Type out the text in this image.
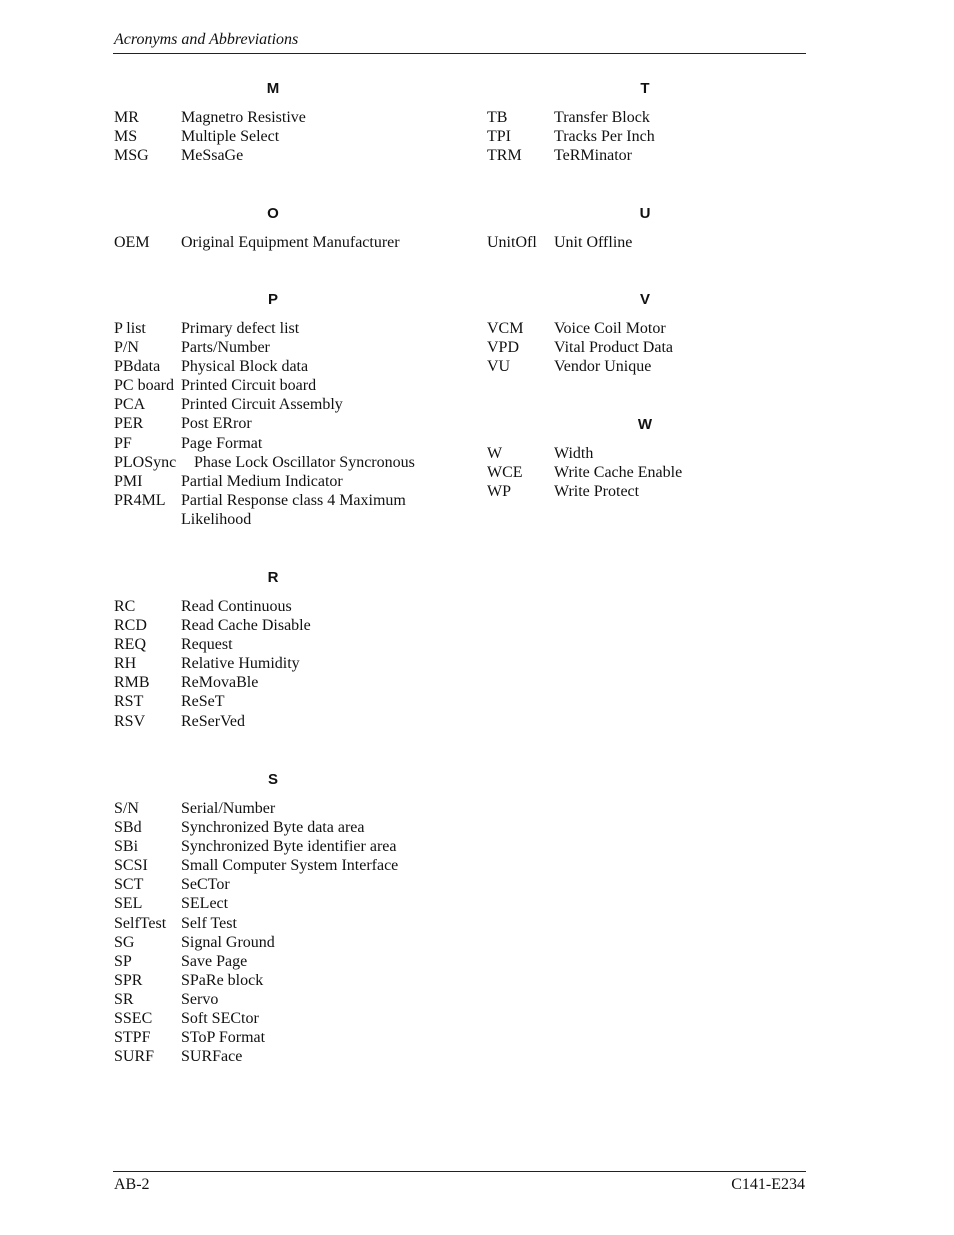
Acronyms and Abbreviations
M
MR	Magnetro Resistive
MS	Multiple Select
MSG MeSsaGe
O
OEM Original Equipment Manufacturer
P
P list Primary defect list
P/N	Parts/Number
PBdata Physical Block data
PC board Printed Circuit board
PCA Printed Circuit Assembly
PER Post ERror
PF	Page Format
PLOSync Phase Lock Oscillator Syncronous
PMI Partial Medium Indicator
PR4ML Partial Response class 4 Maximum Likelihood
R
RC	Read Continuous
RCD Read Cache Disable
REQ Request
RH	Relative Humidity
RMB ReMovaBle
RST ReSeT
RSV ReSerVed
S
S/N	Serial/Number
SBd Synchronized Byte data area
SBi	Synchronized Byte identifier area
SCSI Small Computer System Interface
SCT SeCTor
SEL SELect
SelfTest Self Test
SG	Signal Ground
SP	Save Page
SPR SPaRe block
SR	Servo
SSEC Soft SECtor
STPF SToP Format
SURF SURFace
T
TB	Transfer Block
TPI	Tracks Per Inch
TRM TeRMinator
U
UnitOfl Unit Offline
V
VCM Voice Coil Motor
VPD Vital Product Data
VU	Vendor Unique
W
W	Width
WCE Write Cache Enable
WP	Write Protect
AB-2	C141-E234
